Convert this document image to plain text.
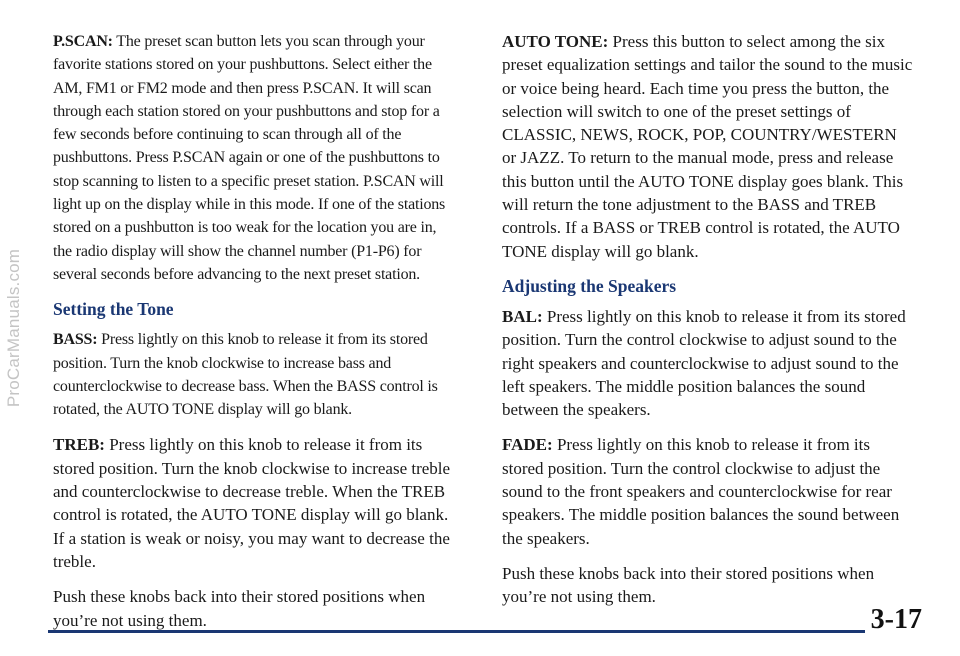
ProCarManuals.com

P.SCAN: The preset scan button lets you scan through your favorite stations stored on your pushbuttons. Select either the AM, FM1 or FM2 mode and then press P.SCAN. It will scan through each station stored on your pushbuttons and stop for a few seconds before continuing to scan through all of the pushbuttons. Press P.SCAN again or one of the pushbuttons to stop scanning to listen to a specific preset station. P.SCAN will light up on the display while in this mode. If one of the stations stored on a pushbutton is too weak for the location you are in, the radio display will show the channel number (P1-P6) for several seconds before advancing to the next preset station.

Setting the Tone

BASS: Press lightly on this knob to release it from its stored position. Turn the knob clockwise to increase bass and counterclockwise to decrease bass. When the BASS control is rotated, the AUTO TONE display will go blank.

TREB: Press lightly on this knob to release it from its stored position. Turn the knob clockwise to increase treble and counterclockwise to decrease treble. When the TREB control is rotated, the AUTO TONE display will go blank. If a station is weak or noisy, you may want to decrease the treble.

Push these knobs back into their stored positions when you’re not using them.

AUTO TONE: Press this button to select among the six preset equalization settings and tailor the sound to the music or voice being heard. Each time you press the button, the selection will switch to one of the preset settings of CLASSIC, NEWS, ROCK, POP, COUNTRY/WESTERN or JAZZ. To return to the manual mode, press and release this button until the AUTO TONE display goes blank. This will return the tone adjustment to the BASS and TREB controls. If a BASS or TREB control is rotated, the AUTO TONE display will go blank.

Adjusting the Speakers

BAL: Press lightly on this knob to release it from its stored position. Turn the control clockwise to adjust sound to the right speakers and counterclockwise to adjust sound to the left speakers. The middle position balances the sound between the speakers.

FADE: Press lightly on this knob to release it from its stored position. Turn the control clockwise to adjust the sound to the front speakers and counterclockwise for rear speakers. The middle position balances the sound between the speakers.

Push these knobs back into their stored positions when you’re not using them.

3-17
